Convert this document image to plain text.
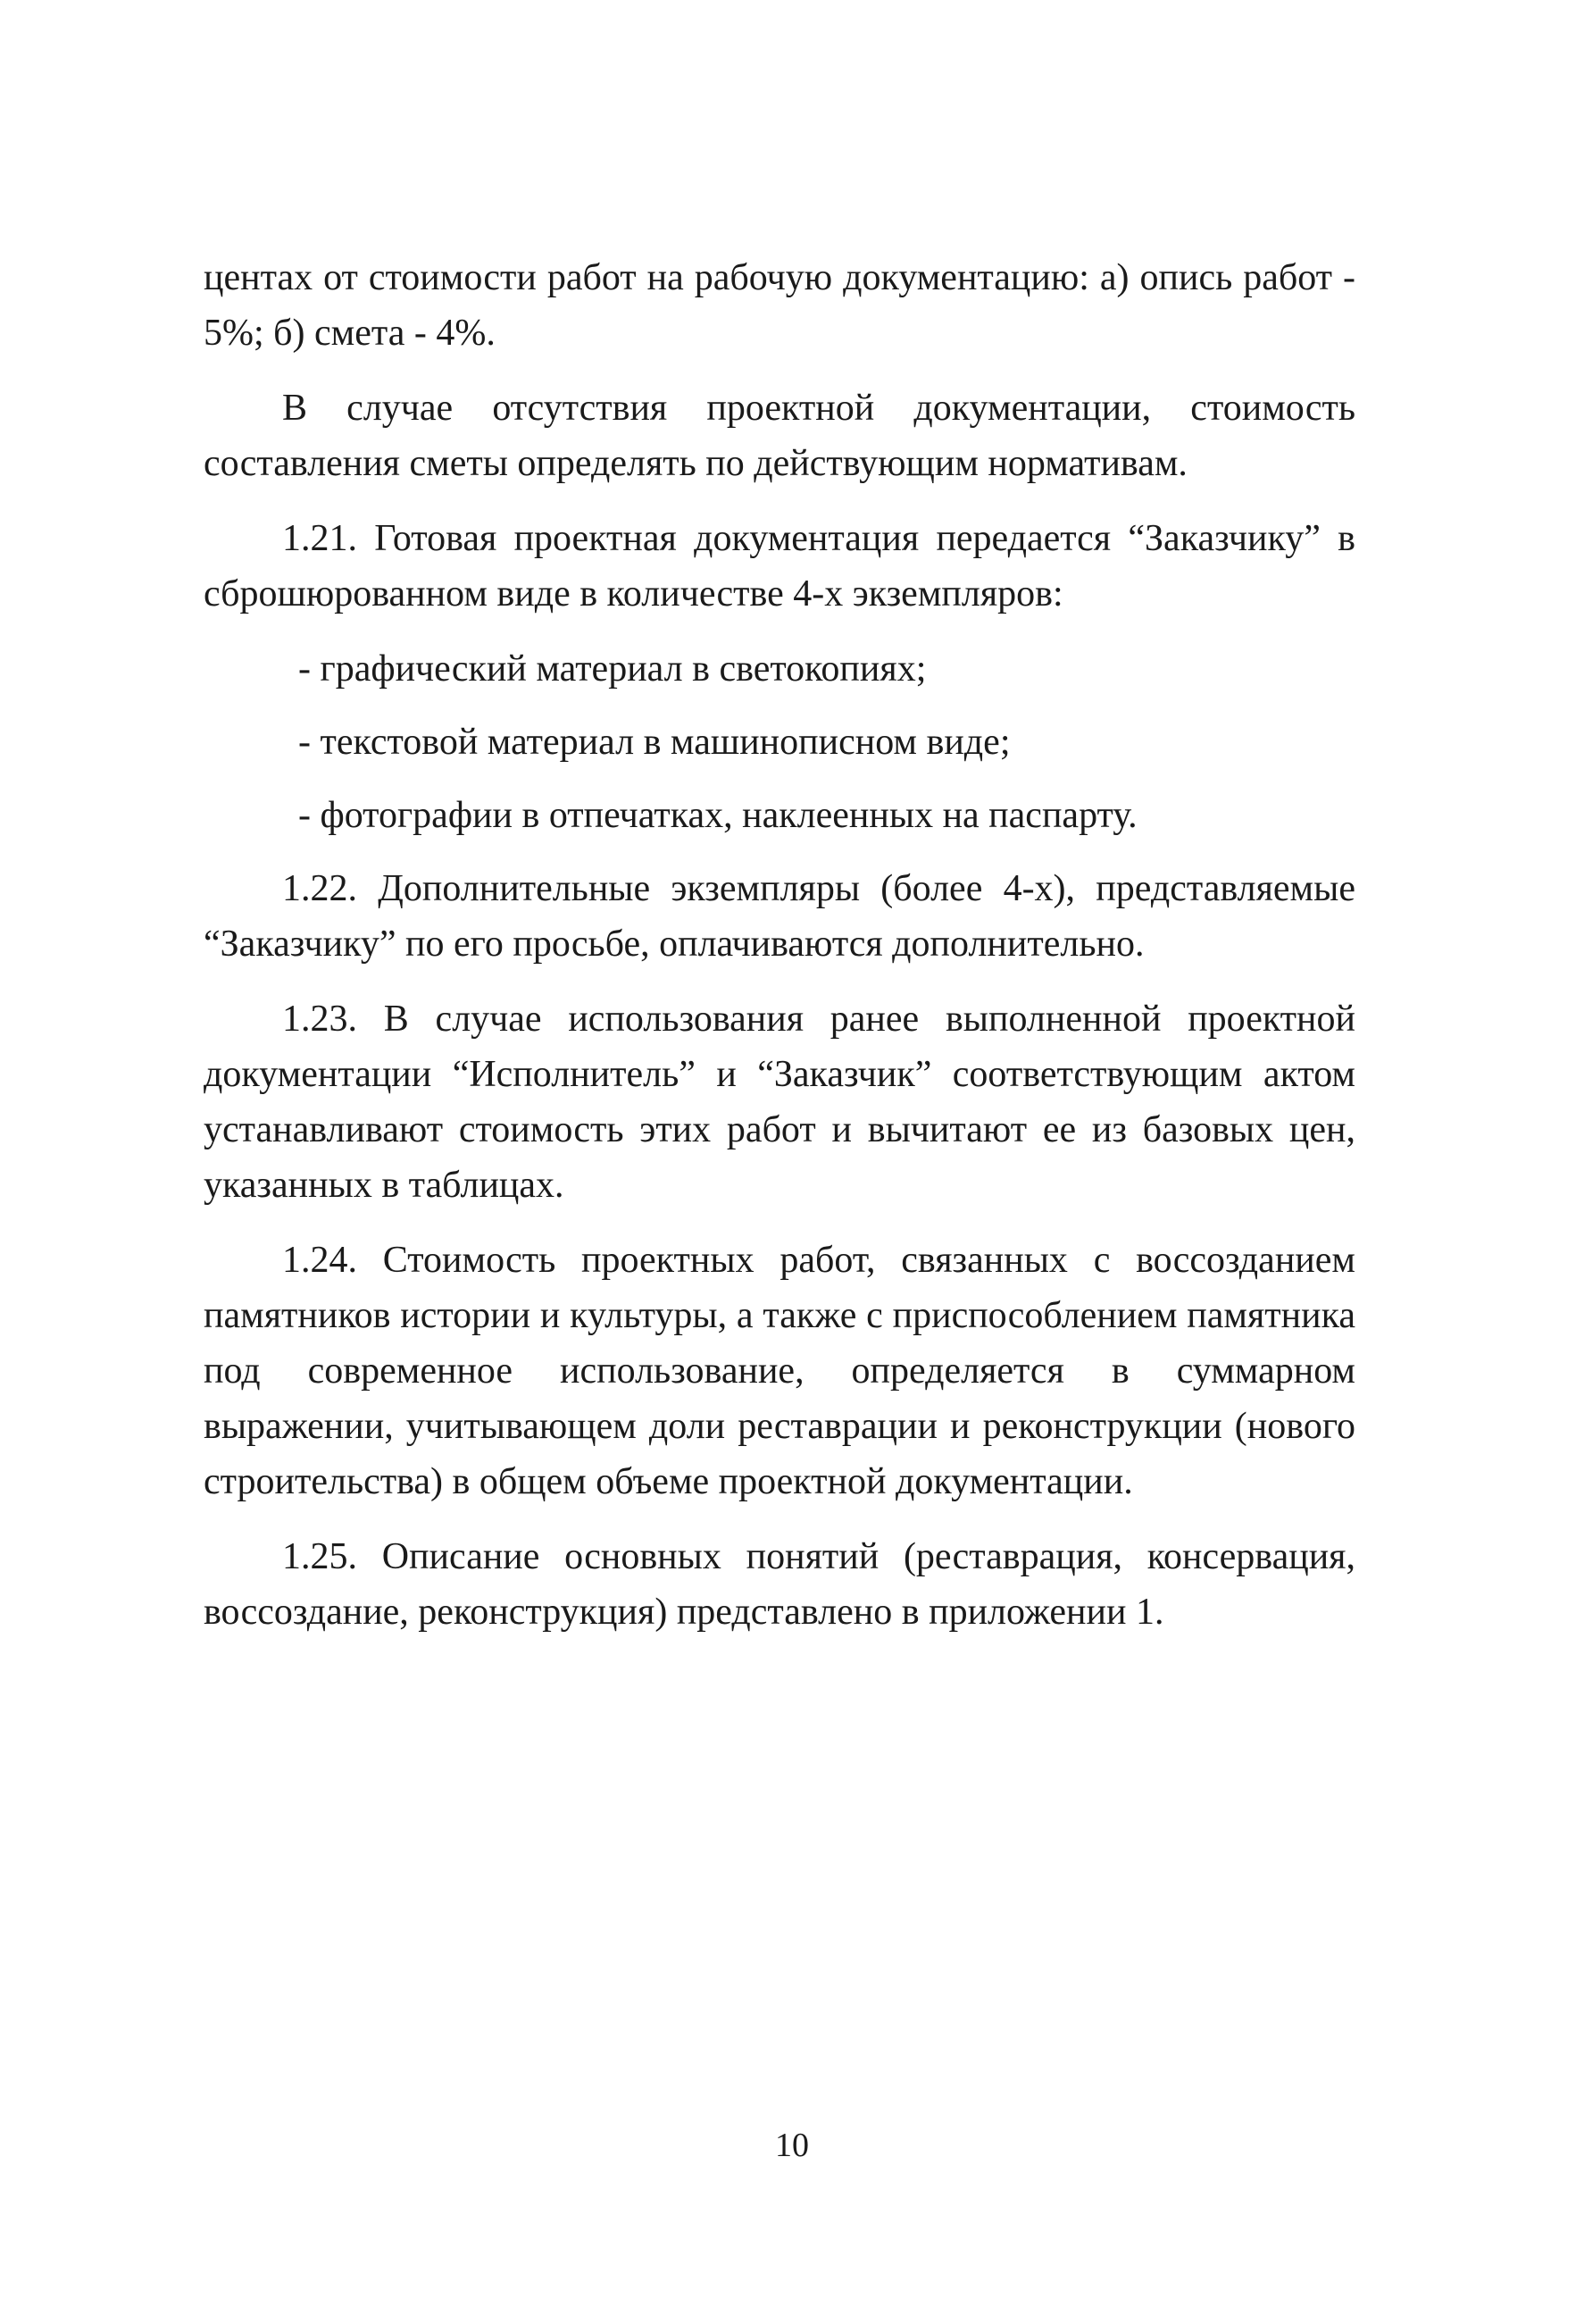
центах от стоимости работ на рабочую документацию: а) опись работ - 5%; б) смета - 4%.

В случае отсутствия проектной документации, стоимость составления сметы определять по действующим нормативам.

1.21. Готовая проектная документация передается “Заказчику” в сброшюрованном виде в количестве 4-х экземпляров:

- графический материал в светокопиях;

- текстовой материал в машинописном виде;

- фотографии в отпечатках, наклеенных на паспарту.

1.22. Дополнительные экземпляры (более 4-х), представляемые “Заказчику” по его просьбе, оплачиваются дополнительно.

1.23. В случае использования ранее выполненной проектной документации “Исполнитель” и “Заказчик” соответствующим актом устанавливают стоимость этих работ и вычитают ее из базовых цен, указанных в таблицах.

1.24. Стоимость проектных работ, связанных с воссозданием памятников истории и культуры, а также с приспособлением памятника под современное использование, определяется в суммарном выражении, учитывающем доли реставрации и реконструкции (нового строительства) в общем объеме проектной документации.

1.25. Описание основных понятий (реставрация, консервация, воссоздание, реконструкция) представлено в приложении 1.

10
